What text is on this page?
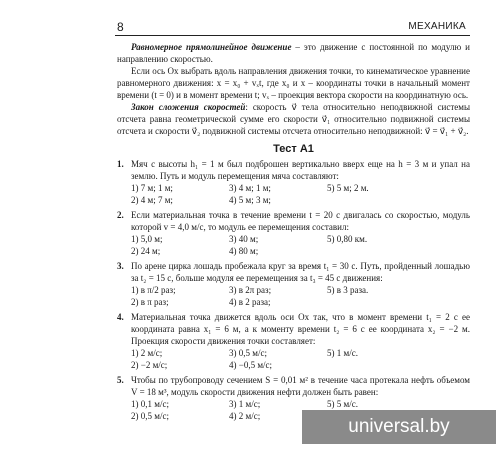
8	МЕХАНИКА

Равномерное прямолинейное движение – это движение с постоянной по модулю и направлению скоростью.

Если ось Ox выбрать вдоль направления движения точки, то кинематическое уравнение равномерного движения: x = x₀ + vₓt, где x₀ и x – координаты точки в начальный момент времени (t = 0) и в момент времени t; vₓ – проекция вектора скорости на координатную ось.

Закон сложения скоростей: скорость v⃗ тела относительно неподвижной системы отсчета равна геометрической сумме его скорости v⃗₁ относительно подвижной системы отсчета и скорости v⃗₂ подвижной системы отсчета относительно неподвижной: v⃗ = v⃗₁ + v⃗₂.

Тест А1
1. Мяч с высоты h₁ = 1 м был подброшен вертикально вверх еще на h = 3 м и упал на землю. Путь и модуль перемещения мяча составляют:
1) 7 м; 1 м;	3) 4 м; 1 м;	5) 5 м; 2 м.
2) 4 м; 7 м;	4) 5 м; 3 м;
2. Если материальная точка в течение времени t = 20 с двигалась со скоростью, модуль которой v = 4,0 м/с, то модуль ее перемещения составил:
1) 5,0 м;	3) 40 м;	5) 0,80 км.
2) 24 м;	4) 80 м;
3. По арене цирка лошадь пробежала круг за время t₁ = 30 с. Путь, пройденный лошадью за t₂ = 15 с, больше модуля ее перемещения за t₃ = 45 с движения:
1) в π/2 раз;	3) в 2π раз;	5) в 3 раза.
2) в π раз;	4) в 2 раза;
4. Материальная точка движется вдоль оси Ox так, что в момент времени t₁ = 2 с ее координата равна x₁ = 6 м, а к моменту времени t₂ = 6 с ее координата x₂ = −2 м. Проекция скорости движения точки составляет:
1) 2 м/с;	3) 0,5 м/с;	5) 1 м/с.
2) −2 м/с;	4) −0,5 м/с;
5. Чтобы по трубопроводу сечением S = 0,01 м² в течение часа протекала нефть объемом V = 18 м³, модуль скорости движения нефти должен быть равен:
1) 0,1 м/с;	3) 1 м/с;	5) 5 м/с.
2) 0,5 м/с;	4) 2 м/с;	universal.by
